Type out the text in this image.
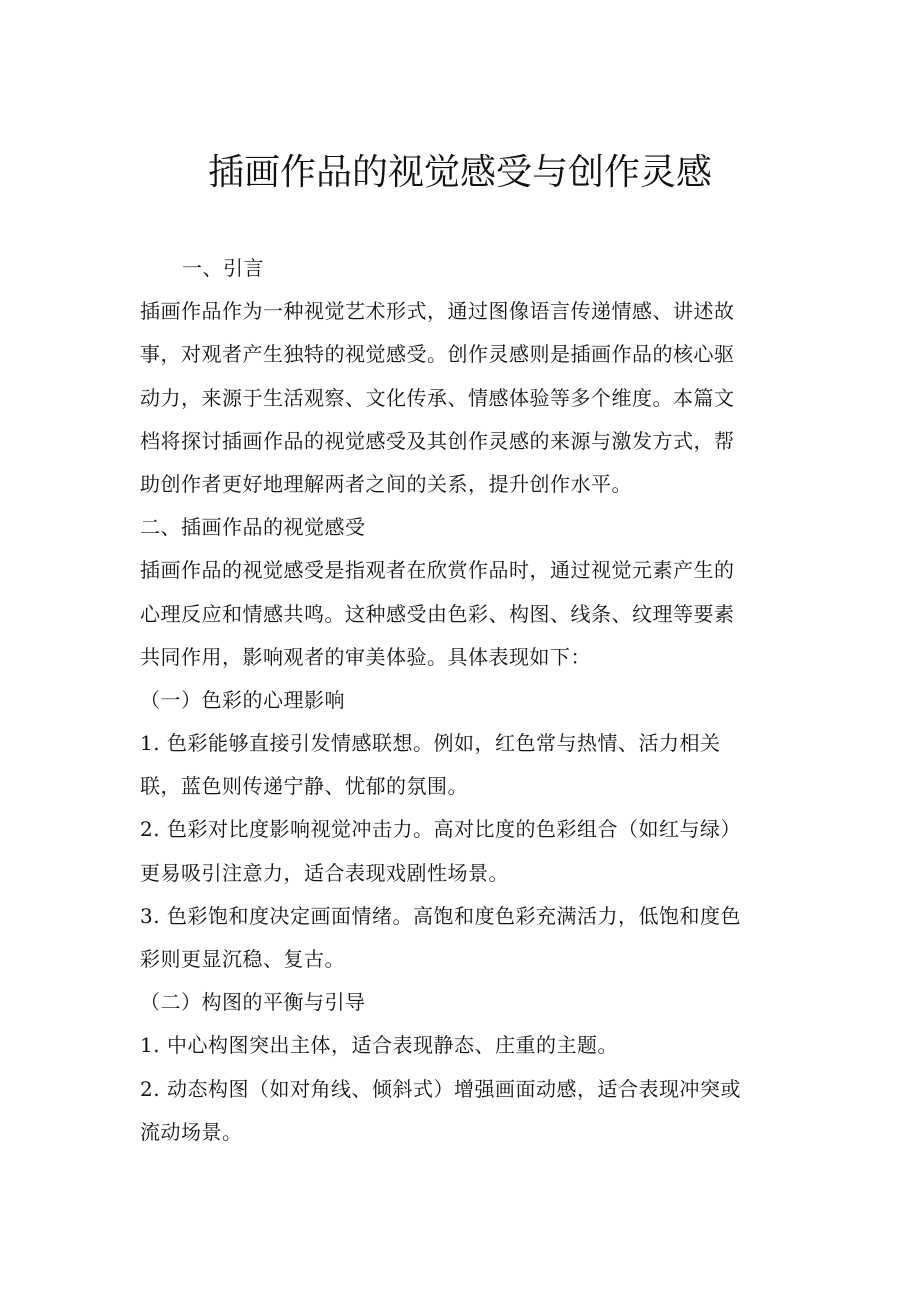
插画作品的视觉感受与创作灵感
一、引言
插画作品作为一种视觉艺术形式，通过图像语言传递情感、讲述故
事，对观者产生独特的视觉感受。创作灵感则是插画作品的核心驱
动力，来源于生活观察、文化传承、情感体验等多个维度。本篇文
档将探讨插画作品的视觉感受及其创作灵感的来源与激发方式，帮
助创作者更好地理解两者之间的关系，提升创作水平。
二、插画作品的视觉感受
插画作品的视觉感受是指观者在欣赏作品时，通过视觉元素产生的
心理反应和情感共鸣。这种感受由色彩、构图、线条、纹理等要素
共同作用，影响观者的审美体验。具体表现如下：
（一）色彩的心理影响
1. 色彩能够直接引发情感联想。例如，红色常与热情、活力相关
联，蓝色则传递宁静、忧郁的氛围。
2. 色彩对比度影响视觉冲击力。高对比度的色彩组合（如红与绿）
更易吸引注意力，适合表现戏剧性场景。
3. 色彩饱和度决定画面情绪。高饱和度色彩充满活力，低饱和度色
彩则更显沉稳、复古。
（二）构图的平衡与引导
1. 中心构图突出主体，适合表现静态、庄重的主题。
2. 动态构图（如对角线、倾斜式）增强画面动感，适合表现冲突或
流动场景。
